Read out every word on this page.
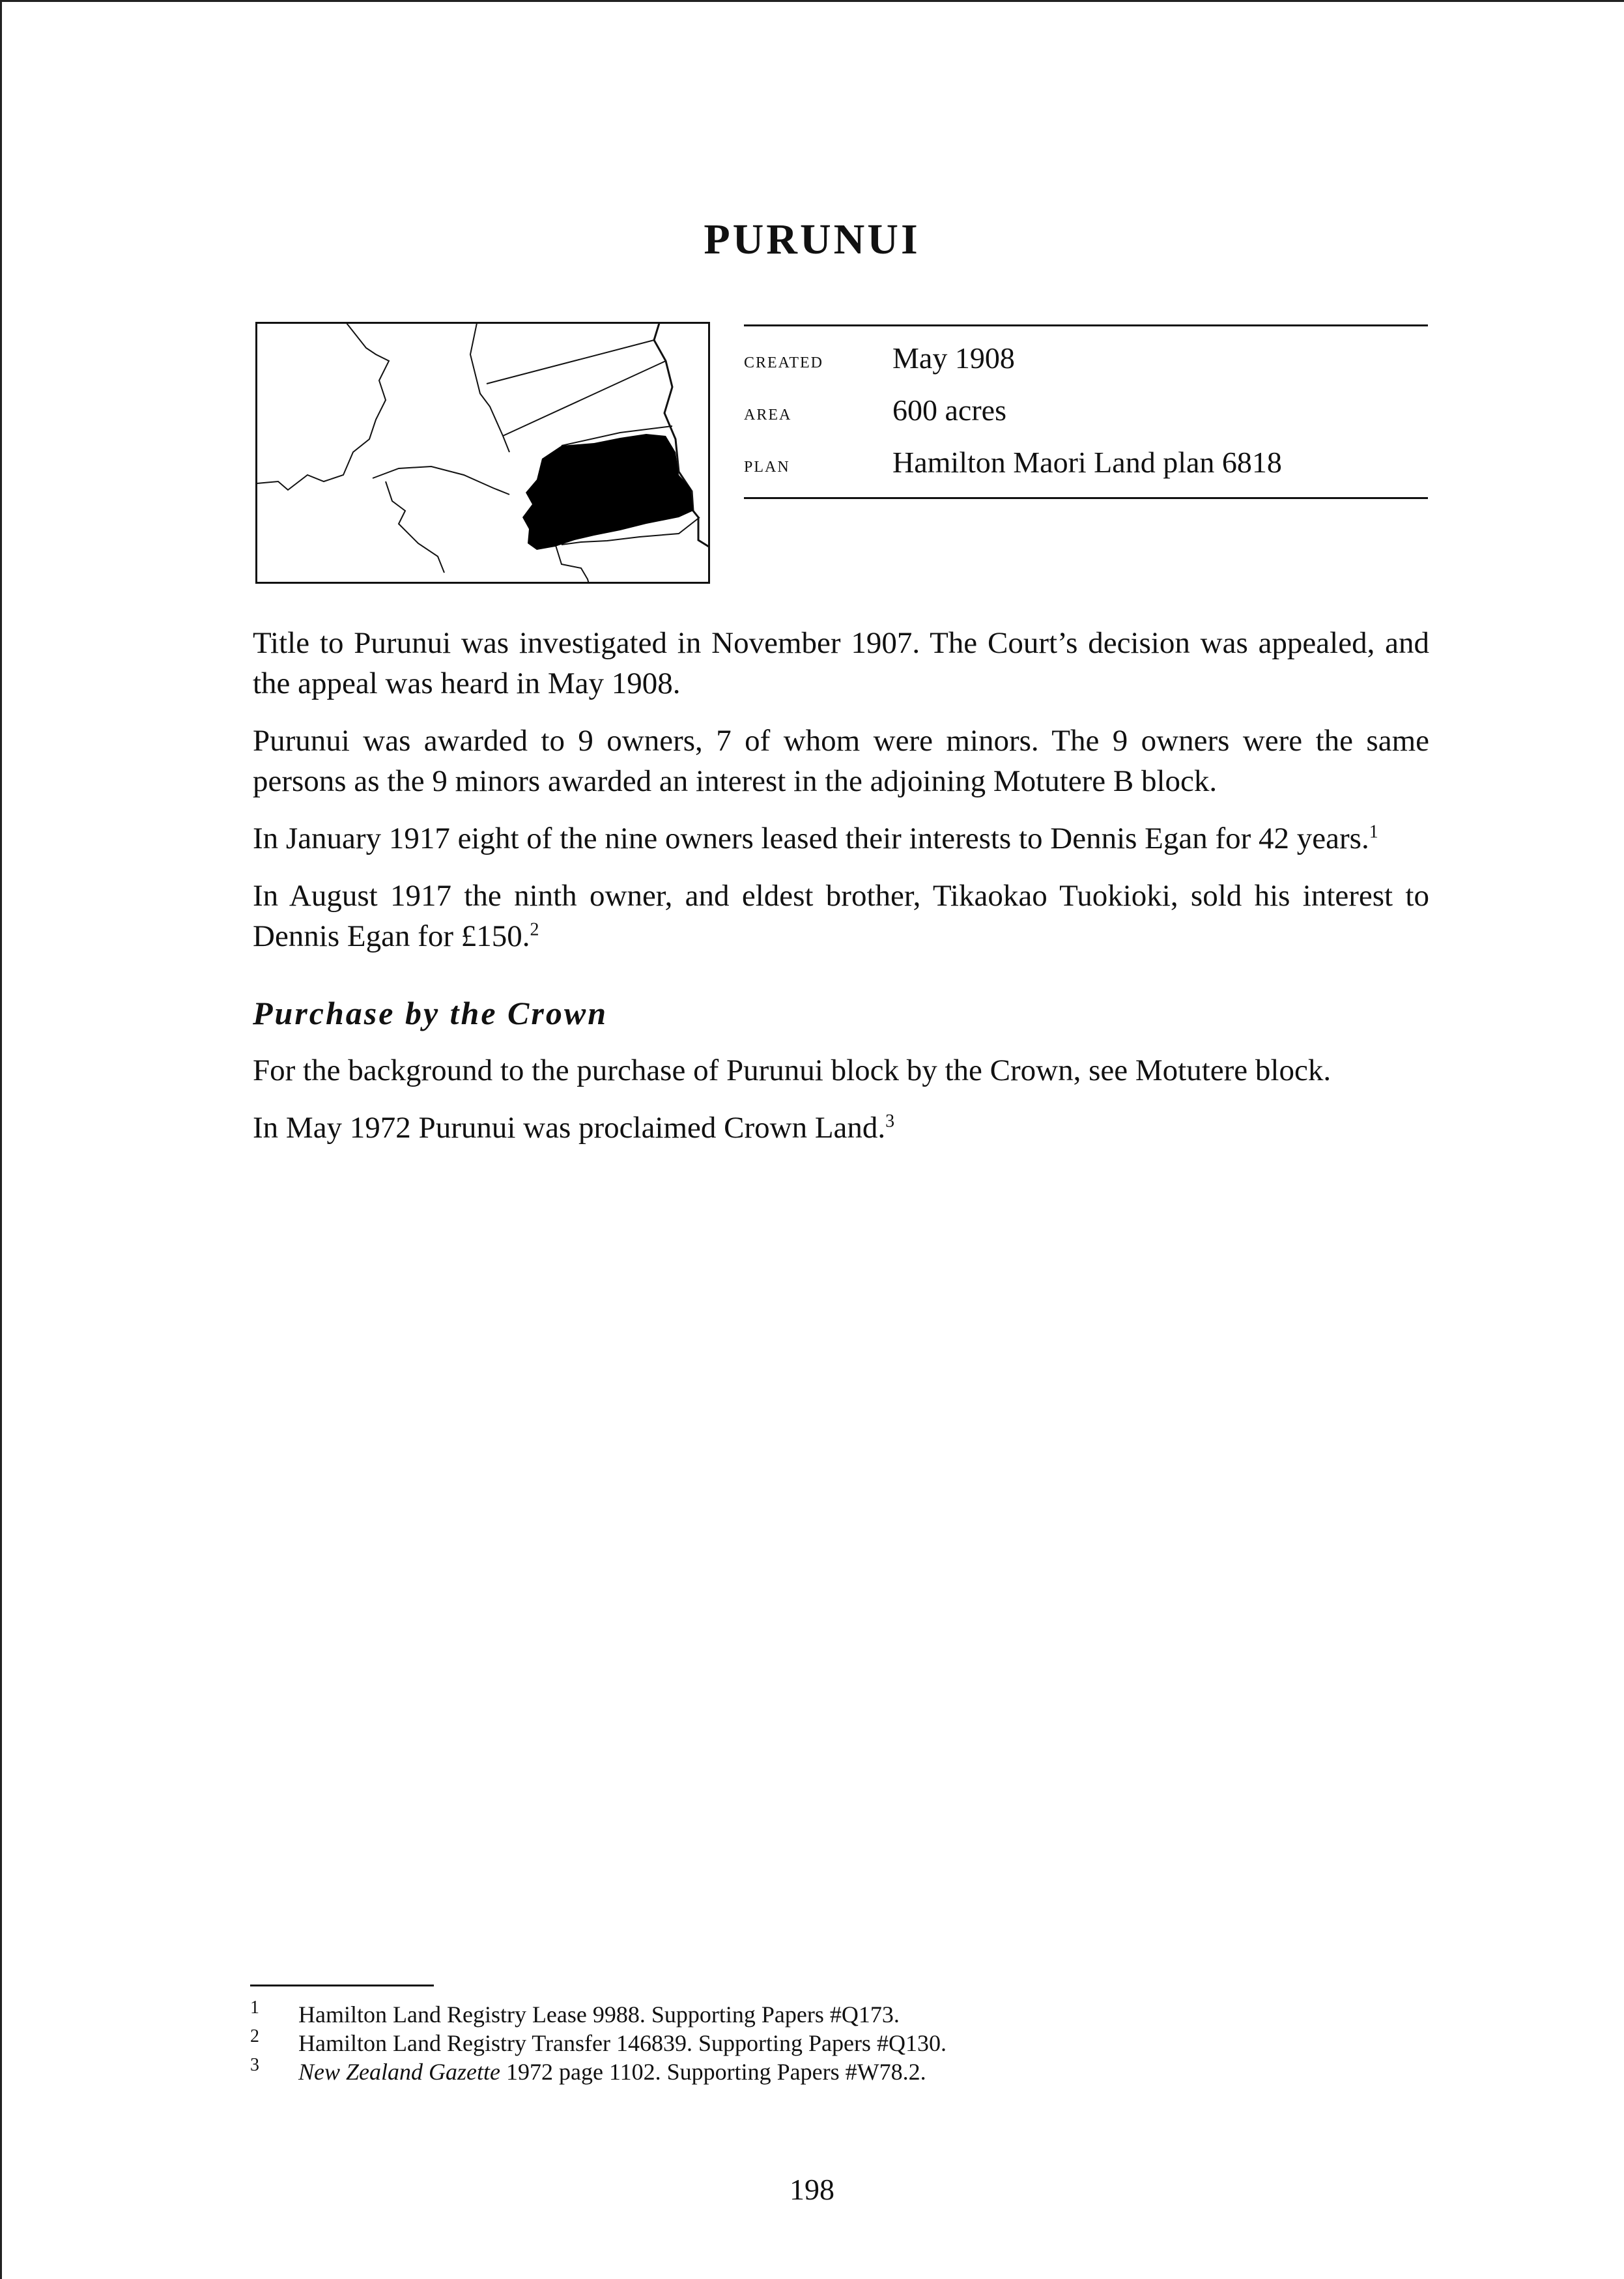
PURUNUI
created May 1908
area	600 acres
plan	Hamilton Maori Land plan 6818

Title to Purunui was investigated in November 1907. The Court’s decision was appealed, and the appeal was heard in May 1908.

Purunui was awarded to 9 owners, 7 of whom were minors. The 9 owners were the same persons as the 9 minors awarded an interest in the adjoining Motutere B block.

In January 1917 eight of the nine owners leased their interests to Dennis Egan for 42 years.$^1$

In August 1917 the ninth owner, and eldest brother, Tikaokao Tuokioki, sold his interest to Dennis Egan for £150.$^2$

Purchase by the Crown

For the background to the purchase of Purunui block by the Crown, see Motutere block.

In May 1972 Purunui was proclaimed Crown Land.$^3$

1 Hamilton Land Registry Lease 9988. Supporting Papers #Q173.
2 Hamilton Land Registry Transfer 146839. Supporting Papers #Q130.
3 New Zealand Gazette 1972 page 1102. Supporting Papers #W78.2.
198
